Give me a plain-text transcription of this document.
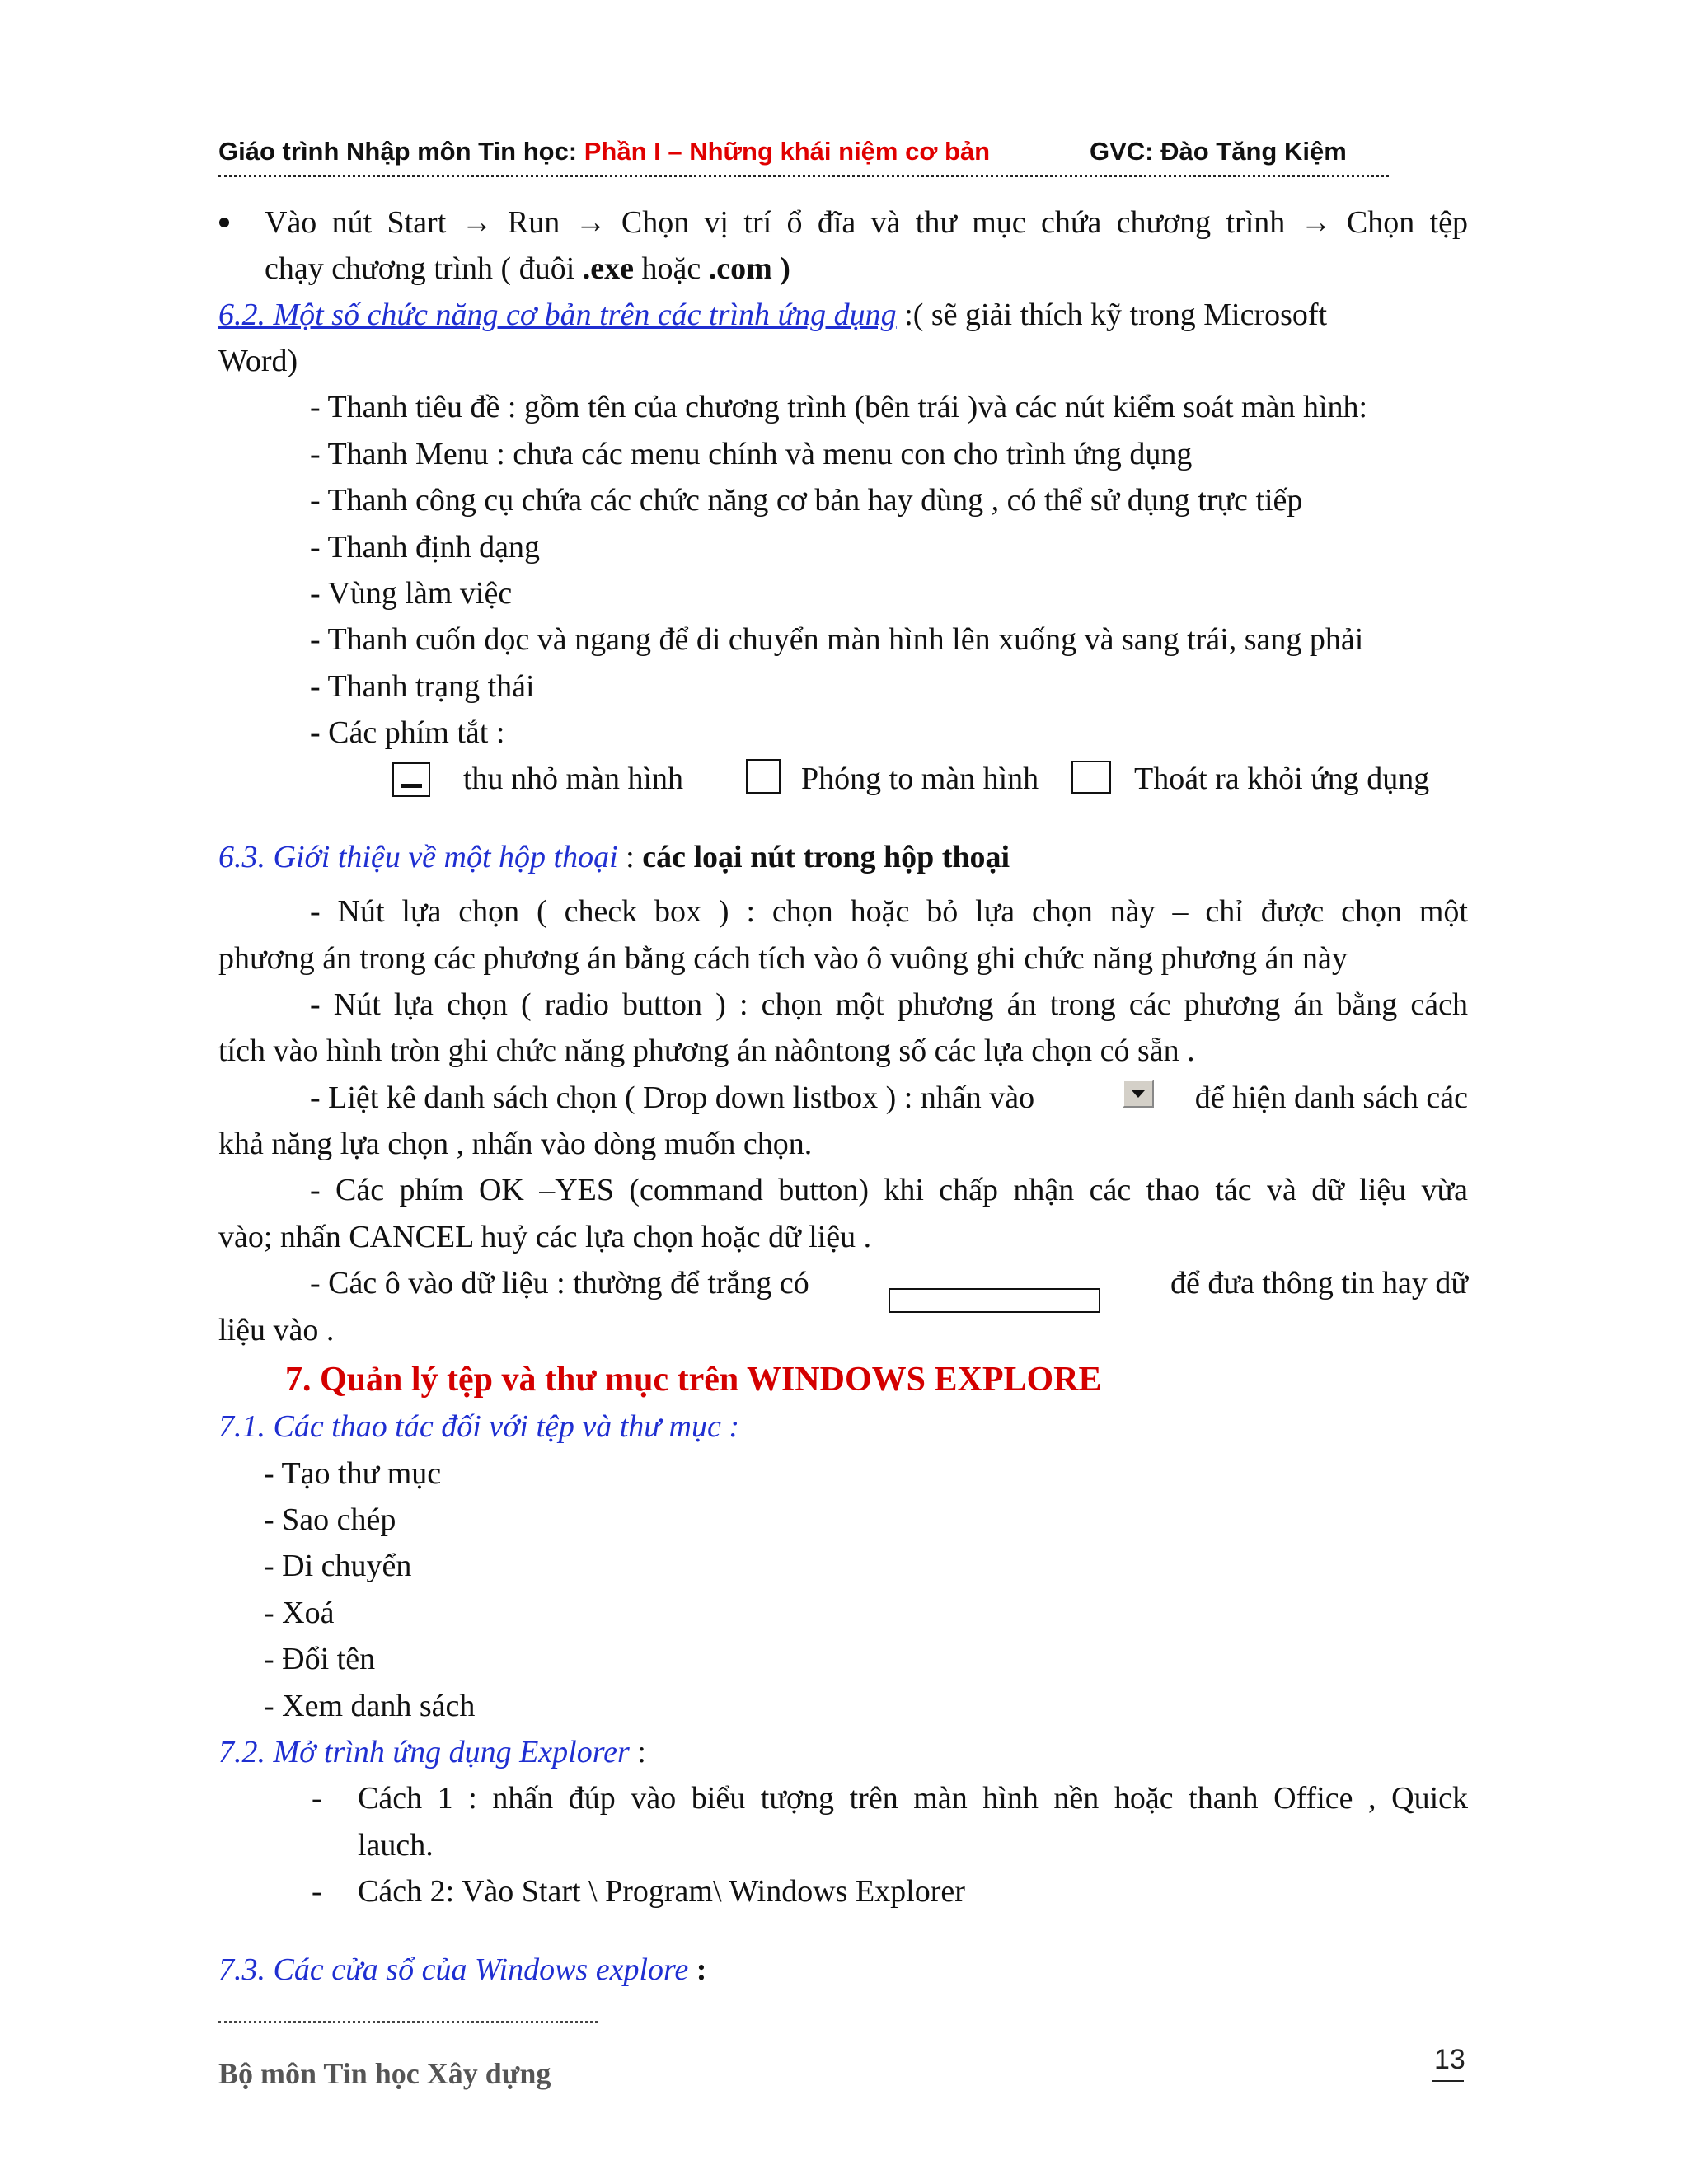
Giáo trình Nhập môn Tin học: Phần I – Những khái niệm cơ bản	GVC: Đào Tăng Kiệm
Vào nút Start → Run → Chọn vị trí ổ đĩa và thư mục chứa chương trình → Chọn tệp
chạy chương trình ( đuôi .exe hoặc .com )
6.2. Một số chức năng cơ bản trên các trình ứng dụng :( sẽ giải thích kỹ trong Microsoft
Word)
- Thanh tiêu đề : gồm tên của chương trình (bên trái )và các nút kiểm soát màn hình:
- Thanh Menu : chưa các menu chính và menu con cho trình ứng dụng
- Thanh công cụ chứa các chức năng cơ bản hay dùng , có thể sử dụng trực tiếp
- Thanh định dạng
- Vùng làm việc
- Thanh cuốn dọc và ngang để di chuyển màn hình lên xuống và sang trái, sang phải
- Thanh trạng thái
- Các phím tắt :
thu nhỏ màn hình	Phóng to màn hình	Thoát ra khỏi ứng dụng
6.3. Giới thiệu về một hộp thoại : các loại nút trong hộp thoại
- Nút lựa chọn ( check box ) : chọn hoặc bỏ lựa chọn này – chỉ được chọn một
phương án trong các phương án bằng cách tích vào ô vuông ghi chức năng phương án này
- Nút lựa chọn ( radio button ) : chọn một phương án trong các phương án bằng cách
tích vào hình tròn ghi chức năng phương án nàôntong số các lựa chọn có sẵn .
- Liệt kê danh sách chọn ( Drop down listbox ) : nhấn vào	để hiện danh sách các
khả năng lựa chọn , nhấn vào dòng muốn chọn.
- Các phím OK –YES (command button) khi chấp nhận các thao tác và dữ liệu vừa
vào; nhấn CANCEL huỷ các lựa chọn hoặc dữ liệu .
- Các ô vào dữ liệu : thường để trắng có	để đưa thông tin hay dữ
liệu vào .
7. Quản lý tệp và thư mục trên WINDOWS EXPLORE
7.1. Các thao tác đối với tệp và thư mục :
- Tạo thư mục
- Sao chép
- Di chuyển
- Xoá
- Đổi tên
- Xem danh sách
7.2. Mở trình ứng dụng Explorer :
- Cách 1 : nhấn đúp vào biểu tượng trên màn hình nền hoặc thanh Office , Quick
lauch.
- Cách 2: Vào Start \ Program\ Windows Explorer
7.3. Các cửa sổ của Windows explore :
Bộ môn Tin học Xây dựng	13
